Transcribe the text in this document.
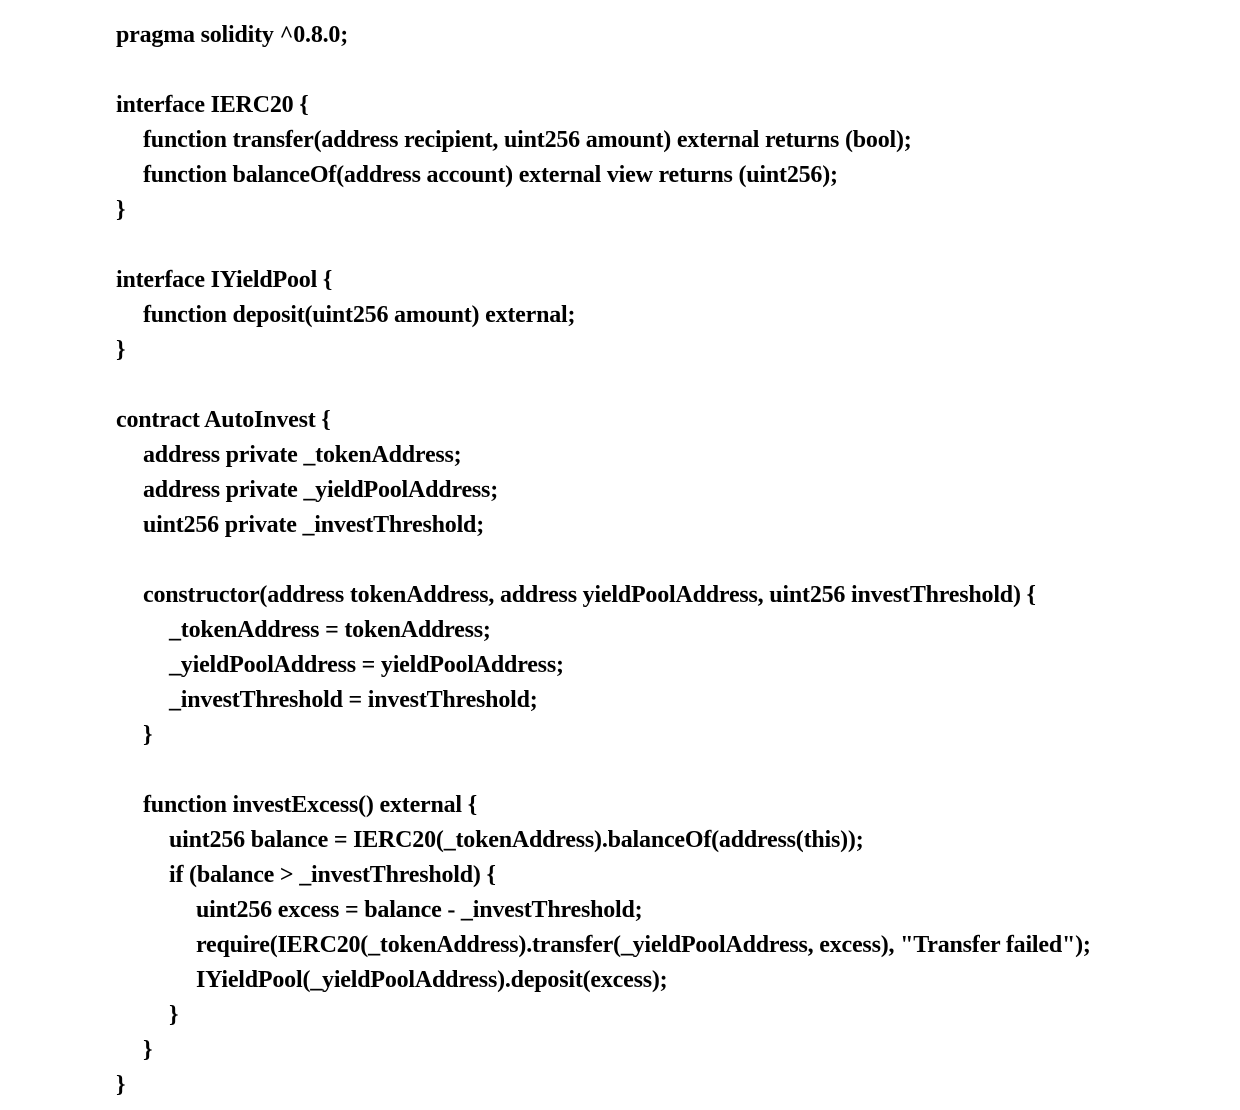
pragma solidity ^0.8.0;
interface IERC20 {
function transfer(address recipient, uint256 amount) external returns (bool);
function balanceOf(address account) external view returns (uint256);
}
interface IYieldPool {
function deposit(uint256 amount) external;
}
contract AutoInvest {
address private _tokenAddress;
address private _yieldPoolAddress;
uint256 private _investThreshold;
constructor(address tokenAddress, address yieldPoolAddress, uint256 investThreshold) {
_tokenAddress = tokenAddress;
_yieldPoolAddress = yieldPoolAddress;
_investThreshold = investThreshold;
}
function investExcess() external {
uint256 balance = IERC20(_tokenAddress).balanceOf(address(this));
if (balance > _investThreshold) {
uint256 excess = balance - _investThreshold;
require(IERC20(_tokenAddress).transfer(_yieldPoolAddress, excess), "Transfer failed");
IYieldPool(_yieldPoolAddress).deposit(excess);
}
}
}
